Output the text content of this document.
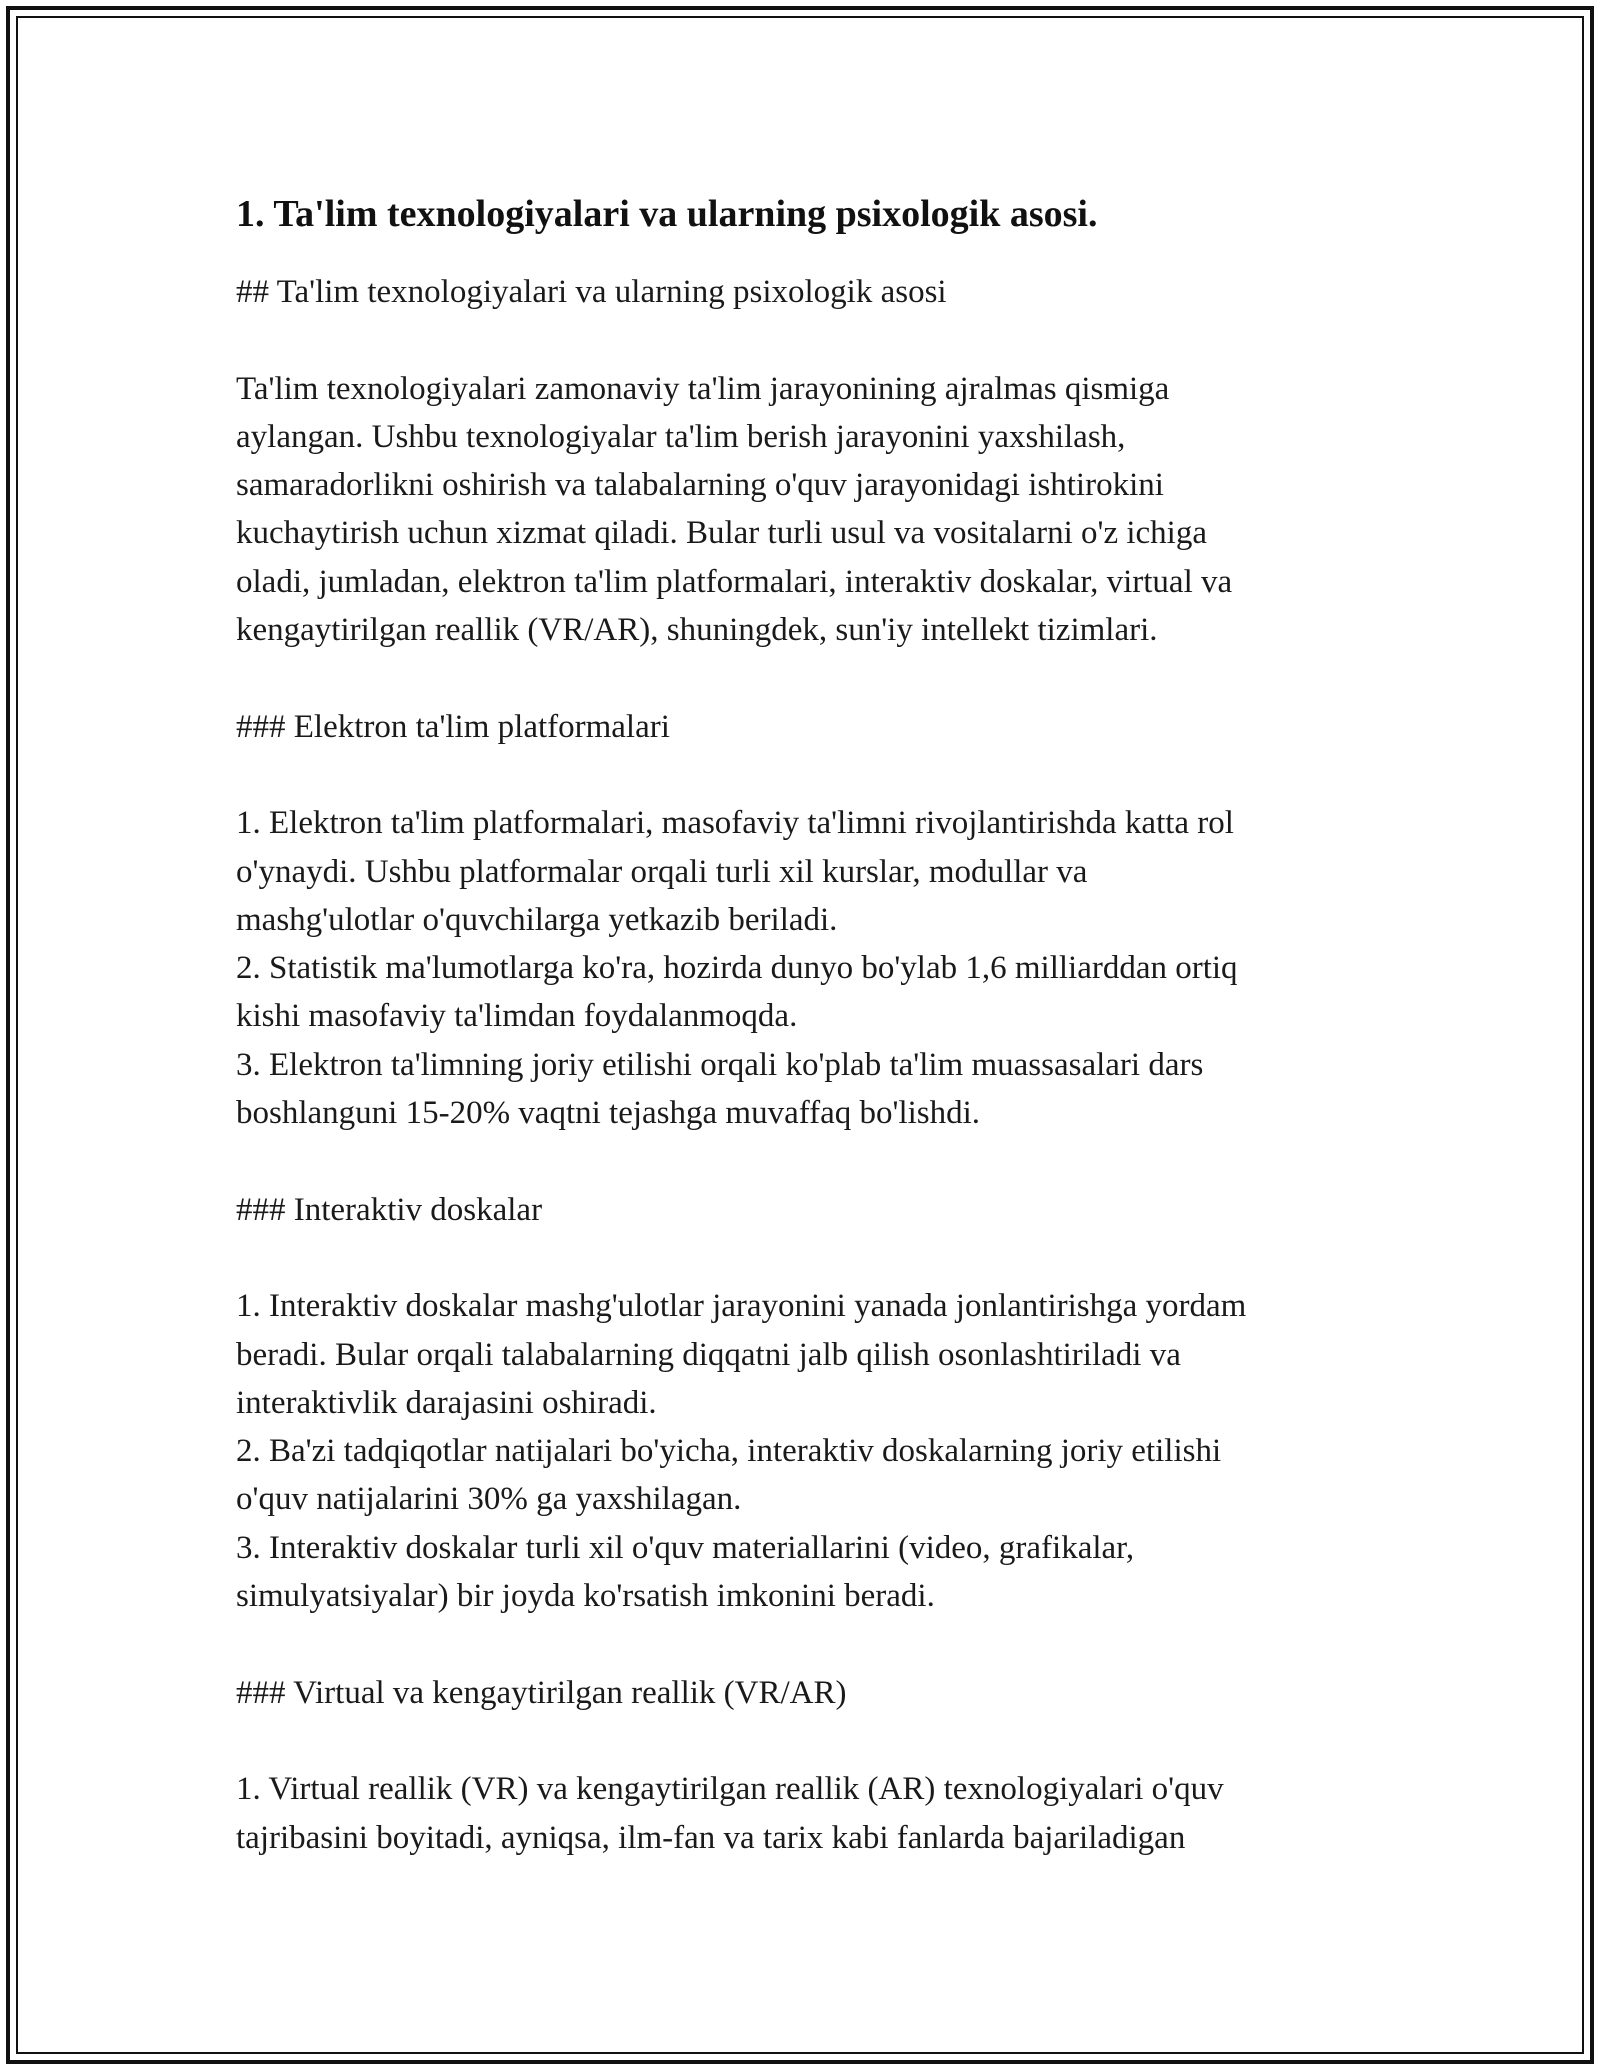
1. Ta'lim texnologiyalari va ularning psixologik asosi.

## Ta'lim texnologiyalari va ularning psixologik asosi

Ta'lim texnologiyalari zamonaviy ta'lim jarayonining ajralmas qismiga

aylangan. Ushbu texnologiyalar ta'lim berish jarayonini yaxshilash,

samaradorlikni oshirish va talabalarning o'quv jarayonidagi ishtirokini

kuchaytirish uchun xizmat qiladi. Bular turli usul va vositalarni o'z ichiga

oladi, jumladan, elektron ta'lim platformalari, interaktiv doskalar, virtual va

kengaytirilgan reallik (VR/AR), shuningdek, sun'iy intellekt tizimlari.

### Elektron ta'lim platformalari

1. Elektron ta'lim platformalari, masofaviy ta'limni rivojlantirishda katta rol

o'ynaydi. Ushbu platformalar orqali turli xil kurslar, modullar va

mashg'ulotlar o'quvchilarga yetkazib beriladi.

2. Statistik ma'lumotlarga ko'ra, hozirda dunyo bo'ylab 1,6 milliarddan ortiq

kishi masofaviy ta'limdan foydalanmoqda.

3. Elektron ta'limning joriy etilishi orqali ko'plab ta'lim muassasalari dars

boshlanguni 15-20% vaqtni tejashga muvaffaq bo'lishdi.

### Interaktiv doskalar

1. Interaktiv doskalar mashg'ulotlar jarayonini yanada jonlantirishga yordam

beradi. Bular orqali talabalarning diqqatni jalb qilish osonlashtiriladi va

interaktivlik darajasini oshiradi.

2. Ba'zi tadqiqotlar natijalari bo'yicha, interaktiv doskalarning joriy etilishi

o'quv natijalarini 30% ga yaxshilagan.

3. Interaktiv doskalar turli xil o'quv materiallarini (video, grafikalar,

simulyatsiyalar) bir joyda ko'rsatish imkonini beradi.

### Virtual va kengaytirilgan reallik (VR/AR)

1. Virtual reallik (VR) va kengaytirilgan reallik (AR) texnologiyalari o'quv

tajribasini boyitadi, ayniqsa, ilm-fan va tarix kabi fanlarda bajariladigan
